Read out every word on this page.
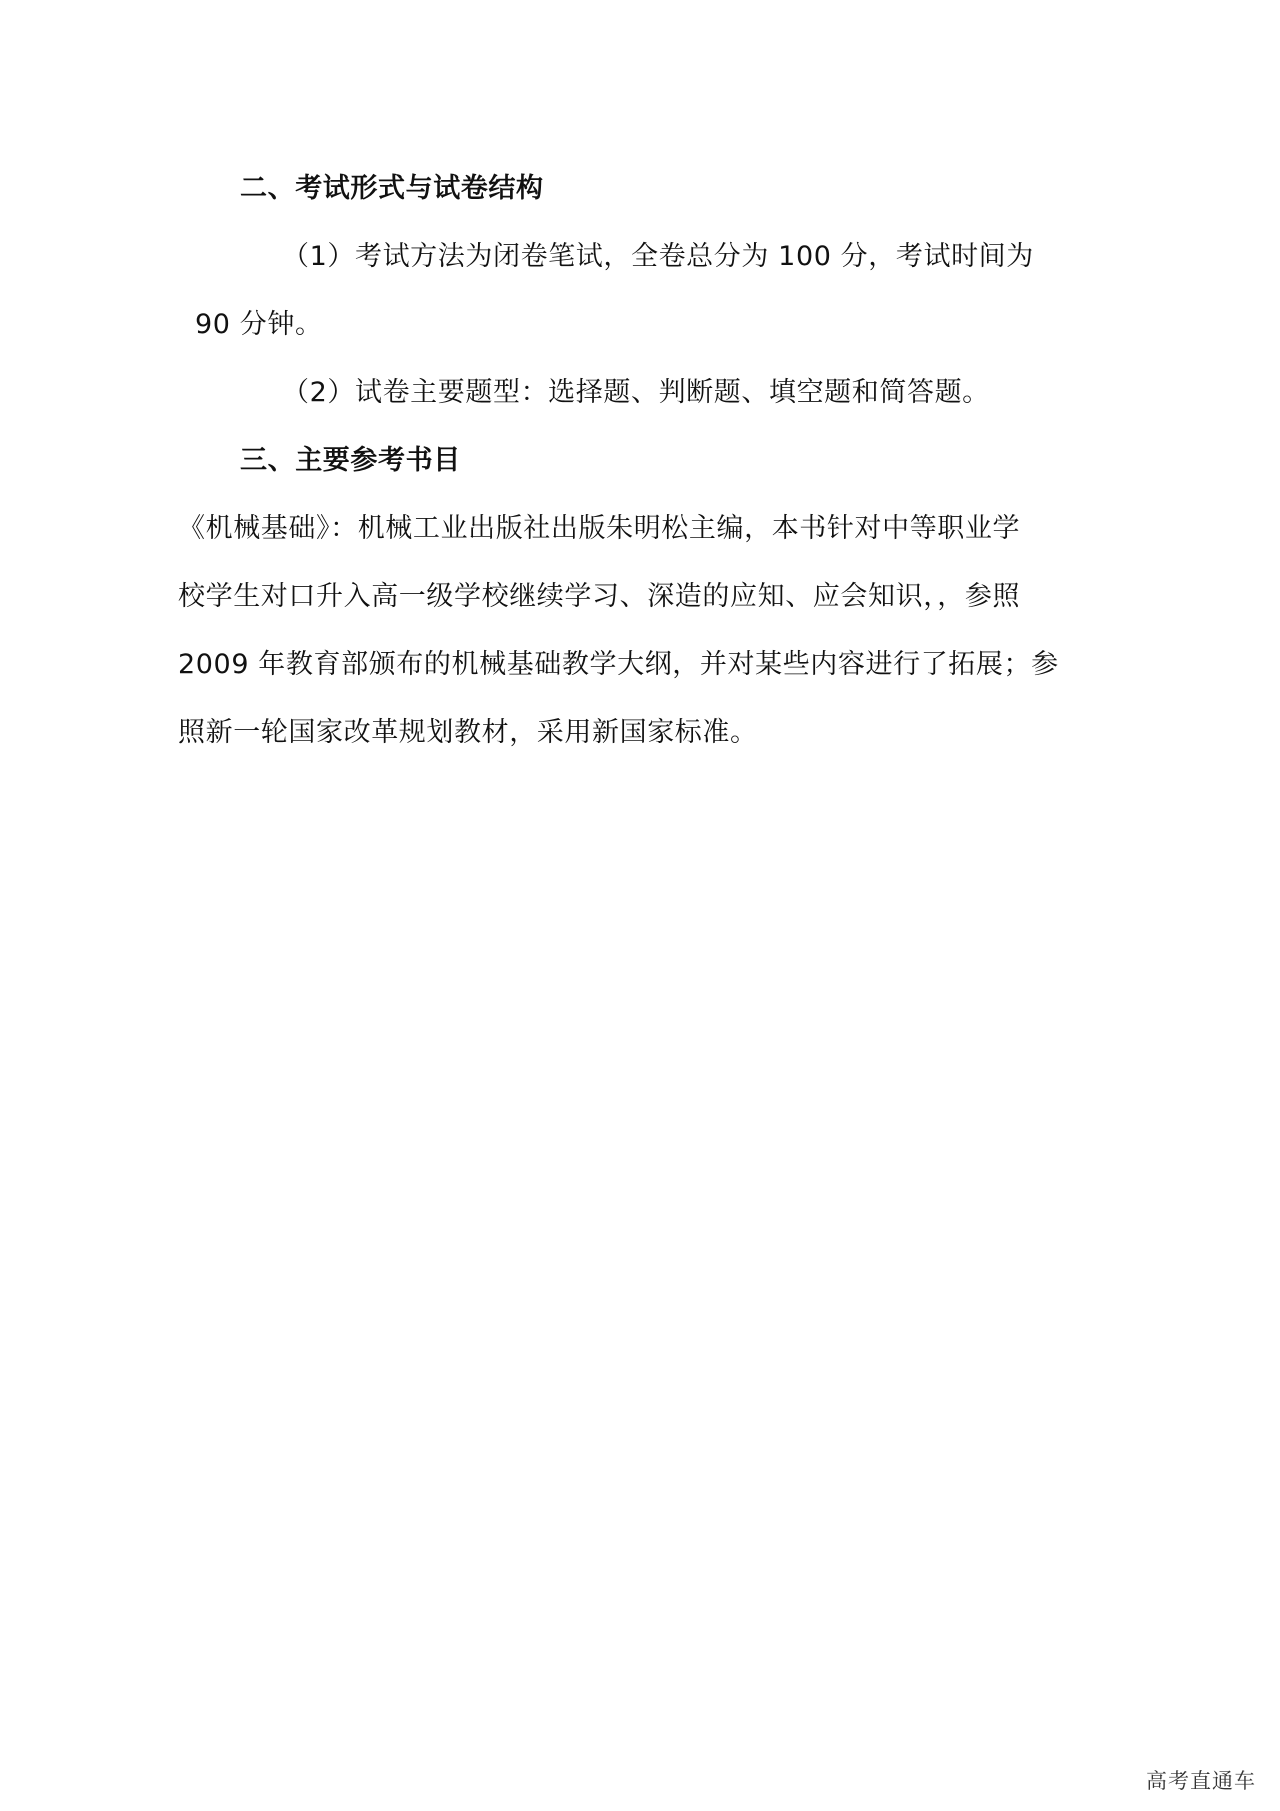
二、考试形式与试卷结构
（1）考试方法为闭卷笔试，全卷总分为 100 分，考试时间为
90 分钟。
（2）试卷主要题型：选择题、判断题、填空题和简答题。
三、主要参考书目
《机械基础》：机械工业出版社出版朱明松主编，本书针对中等职业学
校学生对口升入高一级学校继续学习、深造的应知、应会知识，，参照
2009 年教育部颁布的机械基础教学大纲，并对某些内容进行了拓展；参
照新一轮国家改革规划教材，采用新国家标准。
高考直通车
